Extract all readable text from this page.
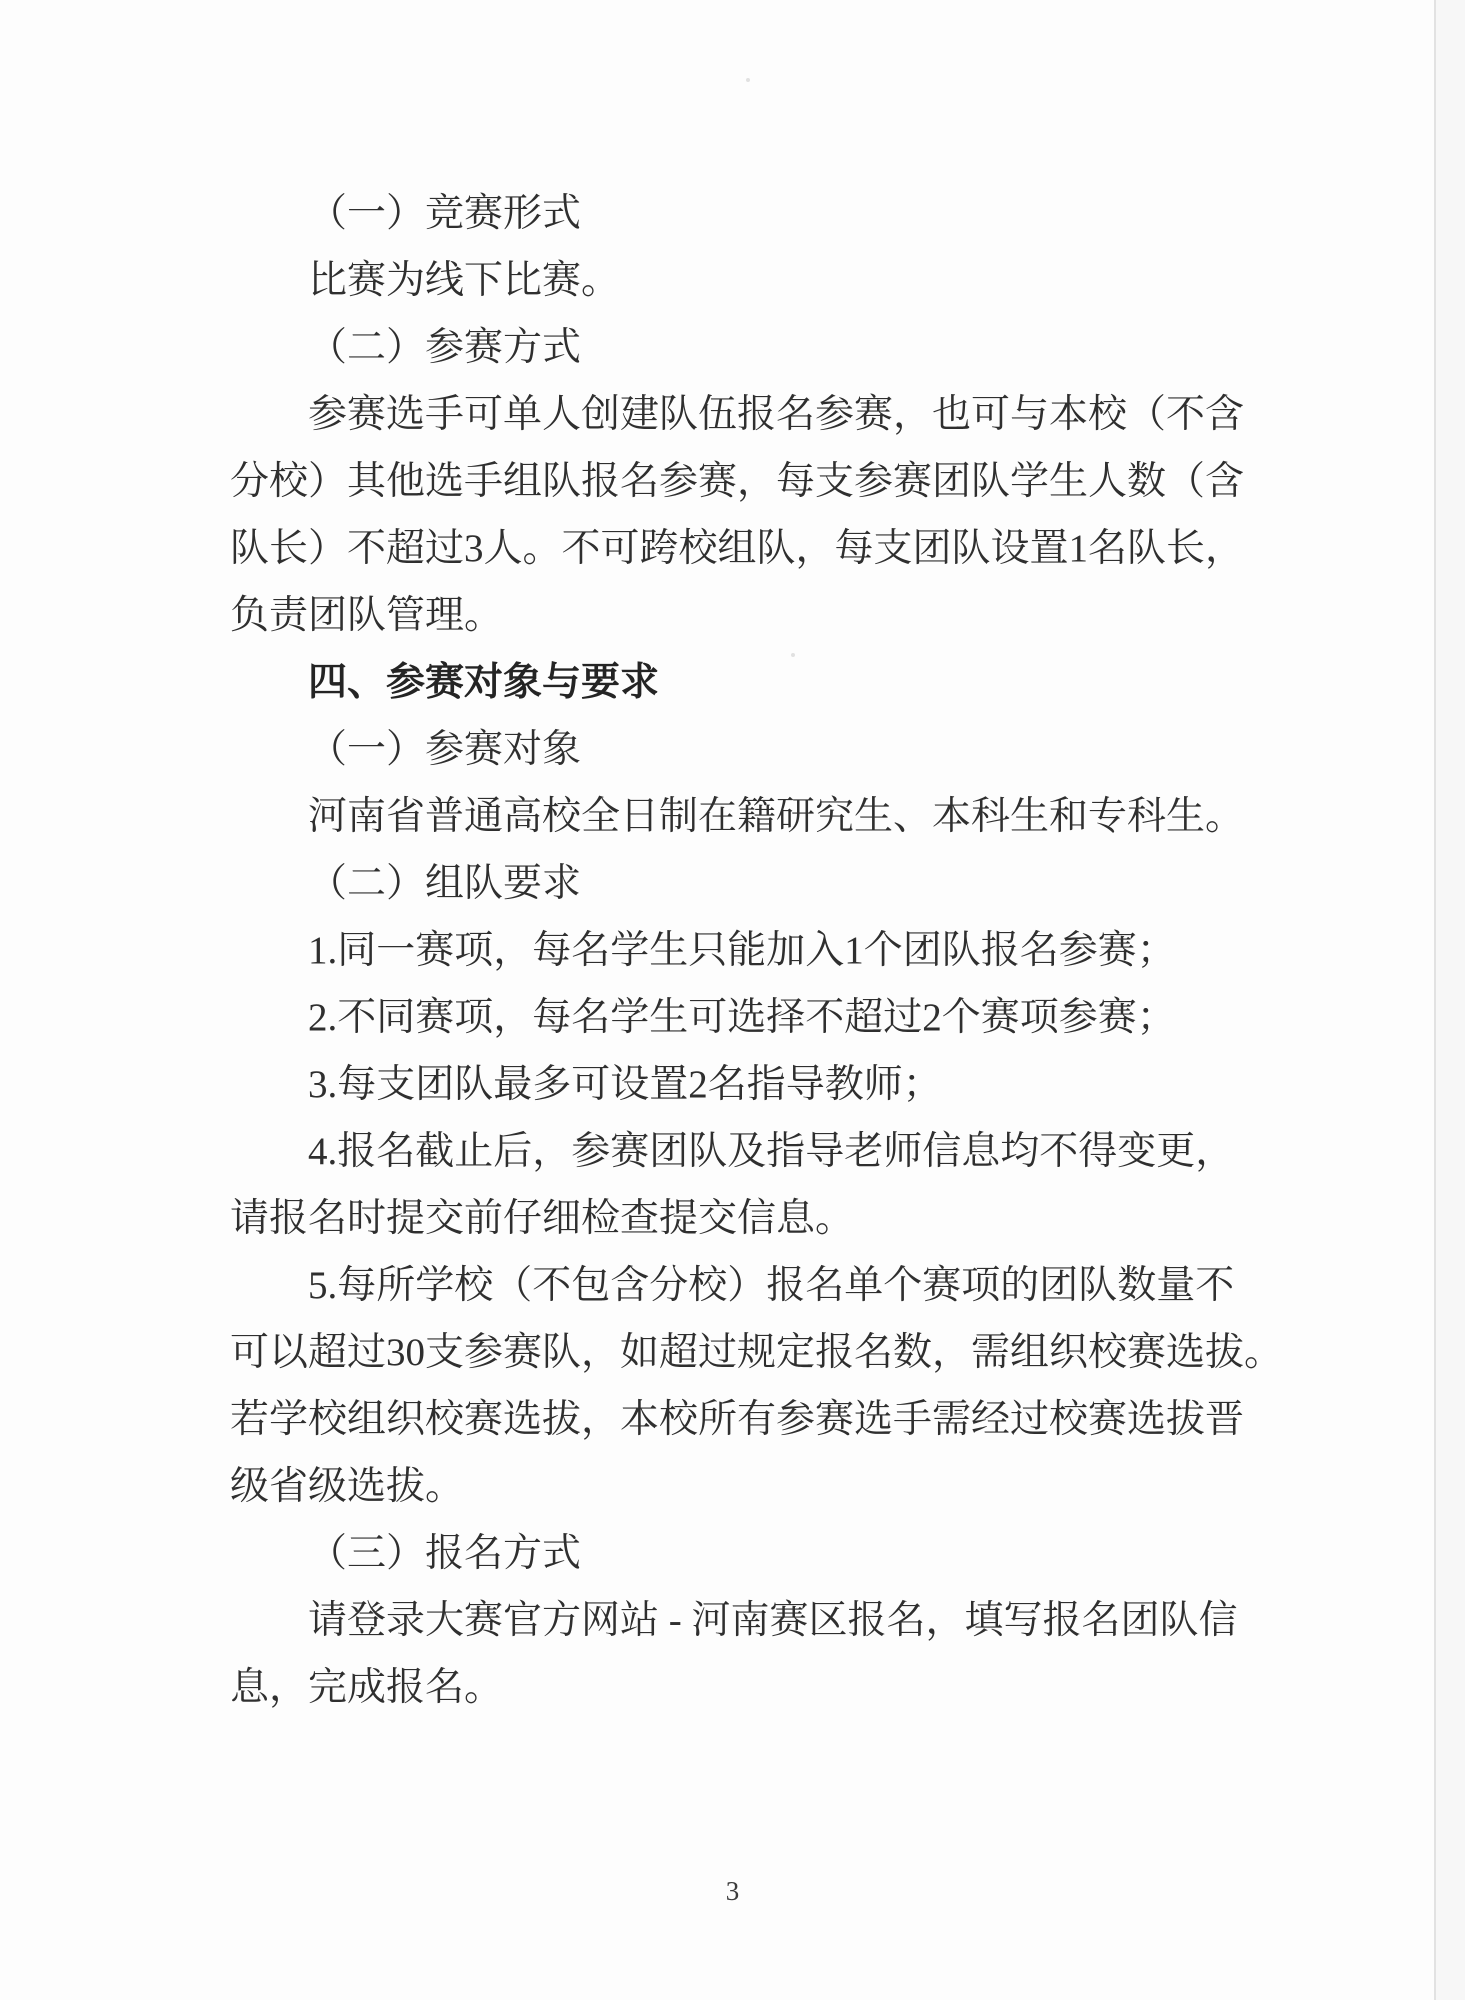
（一）竞赛形式
比赛为线下比赛。
（二）参赛方式
参赛选手可单人创建队伍报名参赛，也可与本校（不含
分校）其他选手组队报名参赛，每支参赛团队学生人数（含
队长）不超过3人。不可跨校组队，每支团队设置1名队长，
负责团队管理。
四、参赛对象与要求
（一）参赛对象
河南省普通高校全日制在籍研究生、本科生和专科生。
（二）组队要求
1.同一赛项，每名学生只能加入1个团队报名参赛；
2.不同赛项，每名学生可选择不超过2个赛项参赛；
3.每支团队最多可设置2名指导教师；
4.报名截止后，参赛团队及指导老师信息均不得变更，
请报名时提交前仔细检查提交信息。
5.每所学校（不包含分校）报名单个赛项的团队数量不
可以超过30支参赛队，如超过规定报名数，需组织校赛选拔。
若学校组织校赛选拔，本校所有参赛选手需经过校赛选拔晋
级省级选拔。
（三）报名方式
请登录大赛官方网站 - 河南赛区报名，填写报名团队信
息，完成报名。
3
